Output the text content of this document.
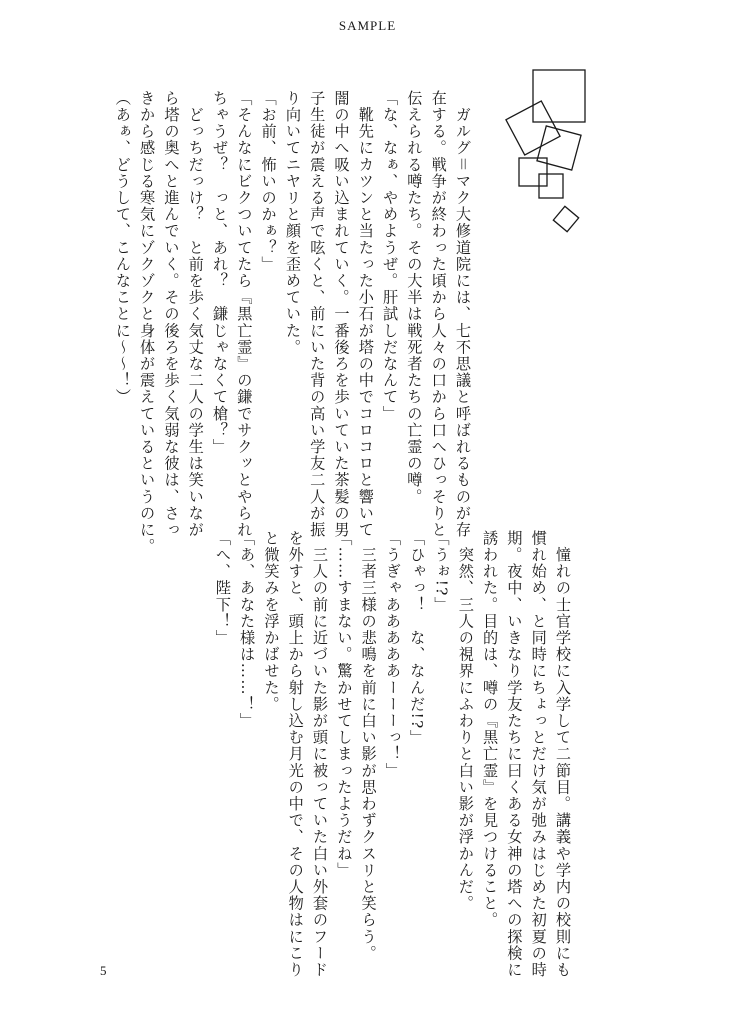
SAMPLE

　ガルグ＝マク大修道院には、七不思議と呼ばれるものが存

在する。戦争が終わった頃から人々の口から口へひっそりと

伝えられる噂たち。その大半は戦死者たちの亡霊の噂。

「な、なぁ、やめようぜ。肝試しだなんて」

　靴先にカツンと当たった小石が塔の中でコロコロと響いて

闇の中へ吸い込まれていく。一番後ろを歩いていた茶髪の男

子生徒が震える声で呟くと、前にいた背の高い学友二人が振

り向いてニヤリと顔を歪めていた。

「お前、怖いのかぁ？」

「そんなにビクついてたら『黒亡霊』の鎌でサクッとやられ

ちゃうぜ？　っと、あれ？　鎌じゃなくて槍？」

　どっちだっけ？　と前を歩く気丈な二人の学生は笑いなが

ら塔の奥へと進んでいく。その後ろを歩く気弱な彼は、さっ

きから感じる寒気にゾクゾクと身体が震えているというのに。

（あぁ、どうして、こんなことに〜〜！）

　憧れの士官学校に入学して二節目。講義や学内の校則にも

慣れ始め、と同時にちょっとだけ気が弛みはじめた初夏の時

期。夜中、いきなり学友たちに曰くある女神の塔への探検に

誘われた。目的は、噂の『黒亡霊』を見つけること。

　突然、三人の視界にふわりと白い影が浮かんだ。

「うぉ!?」

「ひゃっ！　な、なんだ!?」

「うぎゃあああああーーーっ！」

　三者三様の悲鳴を前に白い影が思わずクスリと笑らう。

「……すまない。驚かせてしまったようだね」

　三人の前に近づいた影が頭に被っていた白い外套のフード

を外すと、頭上から射し込む月光の中で、その人物はにこり

と微笑みを浮かばせた。

「あ、あなた様は……！」

「へ、陛下！」

5
